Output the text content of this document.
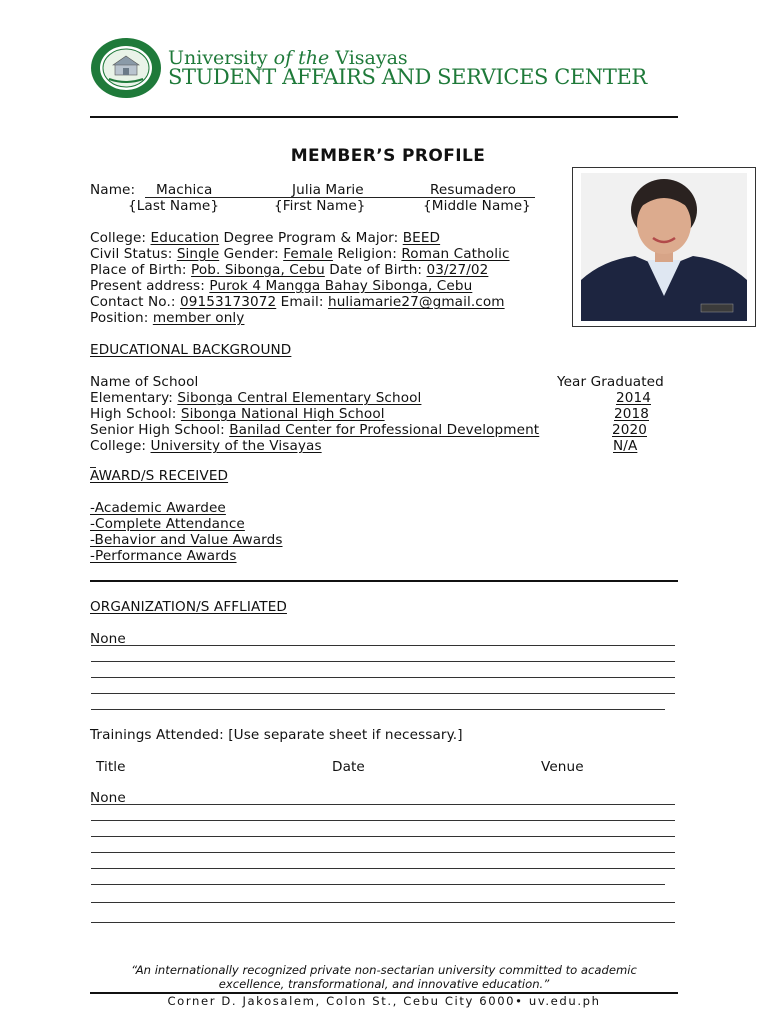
University of the Visayas
STUDENT AFFAIRS AND SERVICES CENTER
MEMBER’S PROFILE
Name: Machica	Julia Marie	Resumadero
{Last Name}	{First Name}	{Middle Name}
College: Education Degree Program & Major: BEED
Civil Status: Single Gender: Female Religion: Roman Catholic
Place of Birth: Pob. Sibonga, Cebu Date of Birth: 03/27/02
Present address: Purok 4 Mangga Bahay Sibonga, Cebu
Contact No.: 09153173072 Email: huliamarie27@gmail.com
Position: member only
EDUCATIONAL BACKGROUND
Name of School	Year Graduated
Elementary: Sibonga Central Elementary School	2014
High School: Sibonga National High School	2018
Senior High School: Banilad Center for Professional Development	2020
College: University of the Visayas	N/A
AWARD/S RECEIVED
-Academic Awardee
-Complete Attendance
-Behavior and Value Awards
-Performance Awards
ORGANIZATION/S AFFLIATED
None
Trainings Attended: [Use separate sheet if necessary.]
Title	Date	Venue
None
“An internationally recognized private non-sectarian university committed to academic
excellence, transformational, and innovative education.”
Corner D. Jakosalem, Colon St., Cebu City 6000• uv.edu.ph
